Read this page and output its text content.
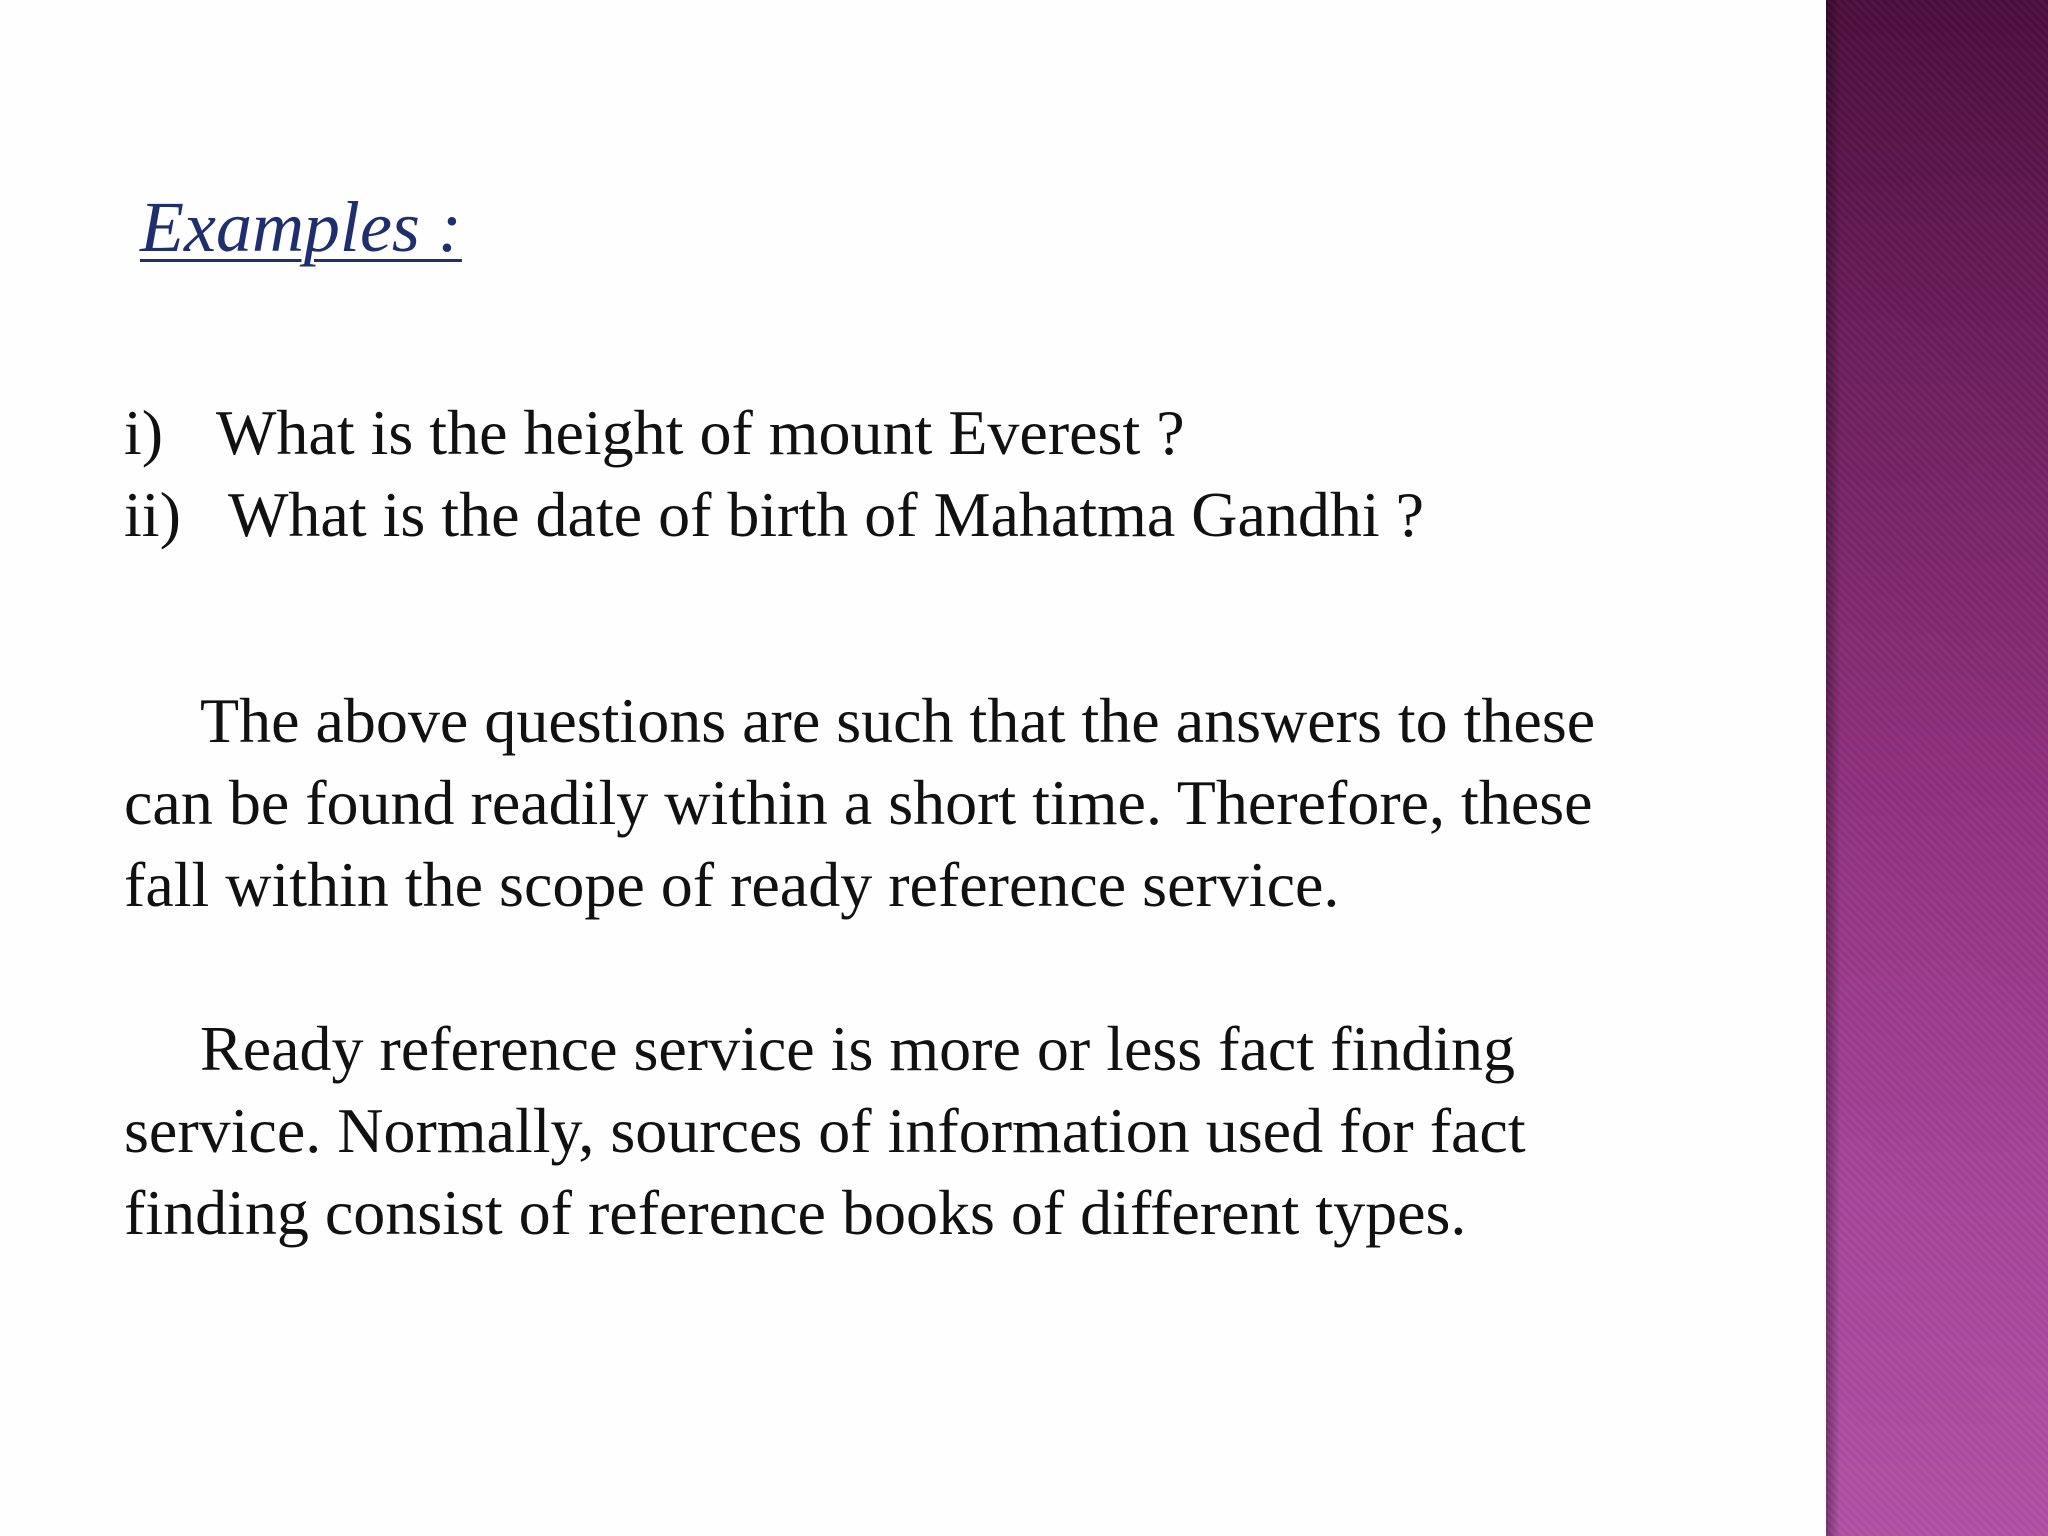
Examples :
i) What is the height of mount Everest ?
ii) What is the date of birth of Mahatma Gandhi ?

The above questions are such that the answers to these
can be found readily within a short time. Therefore, these
fall within the scope of ready reference service.

Ready reference service is more or less fact finding
service. Normally, sources of information used for fact
finding consist of reference books of different types.
